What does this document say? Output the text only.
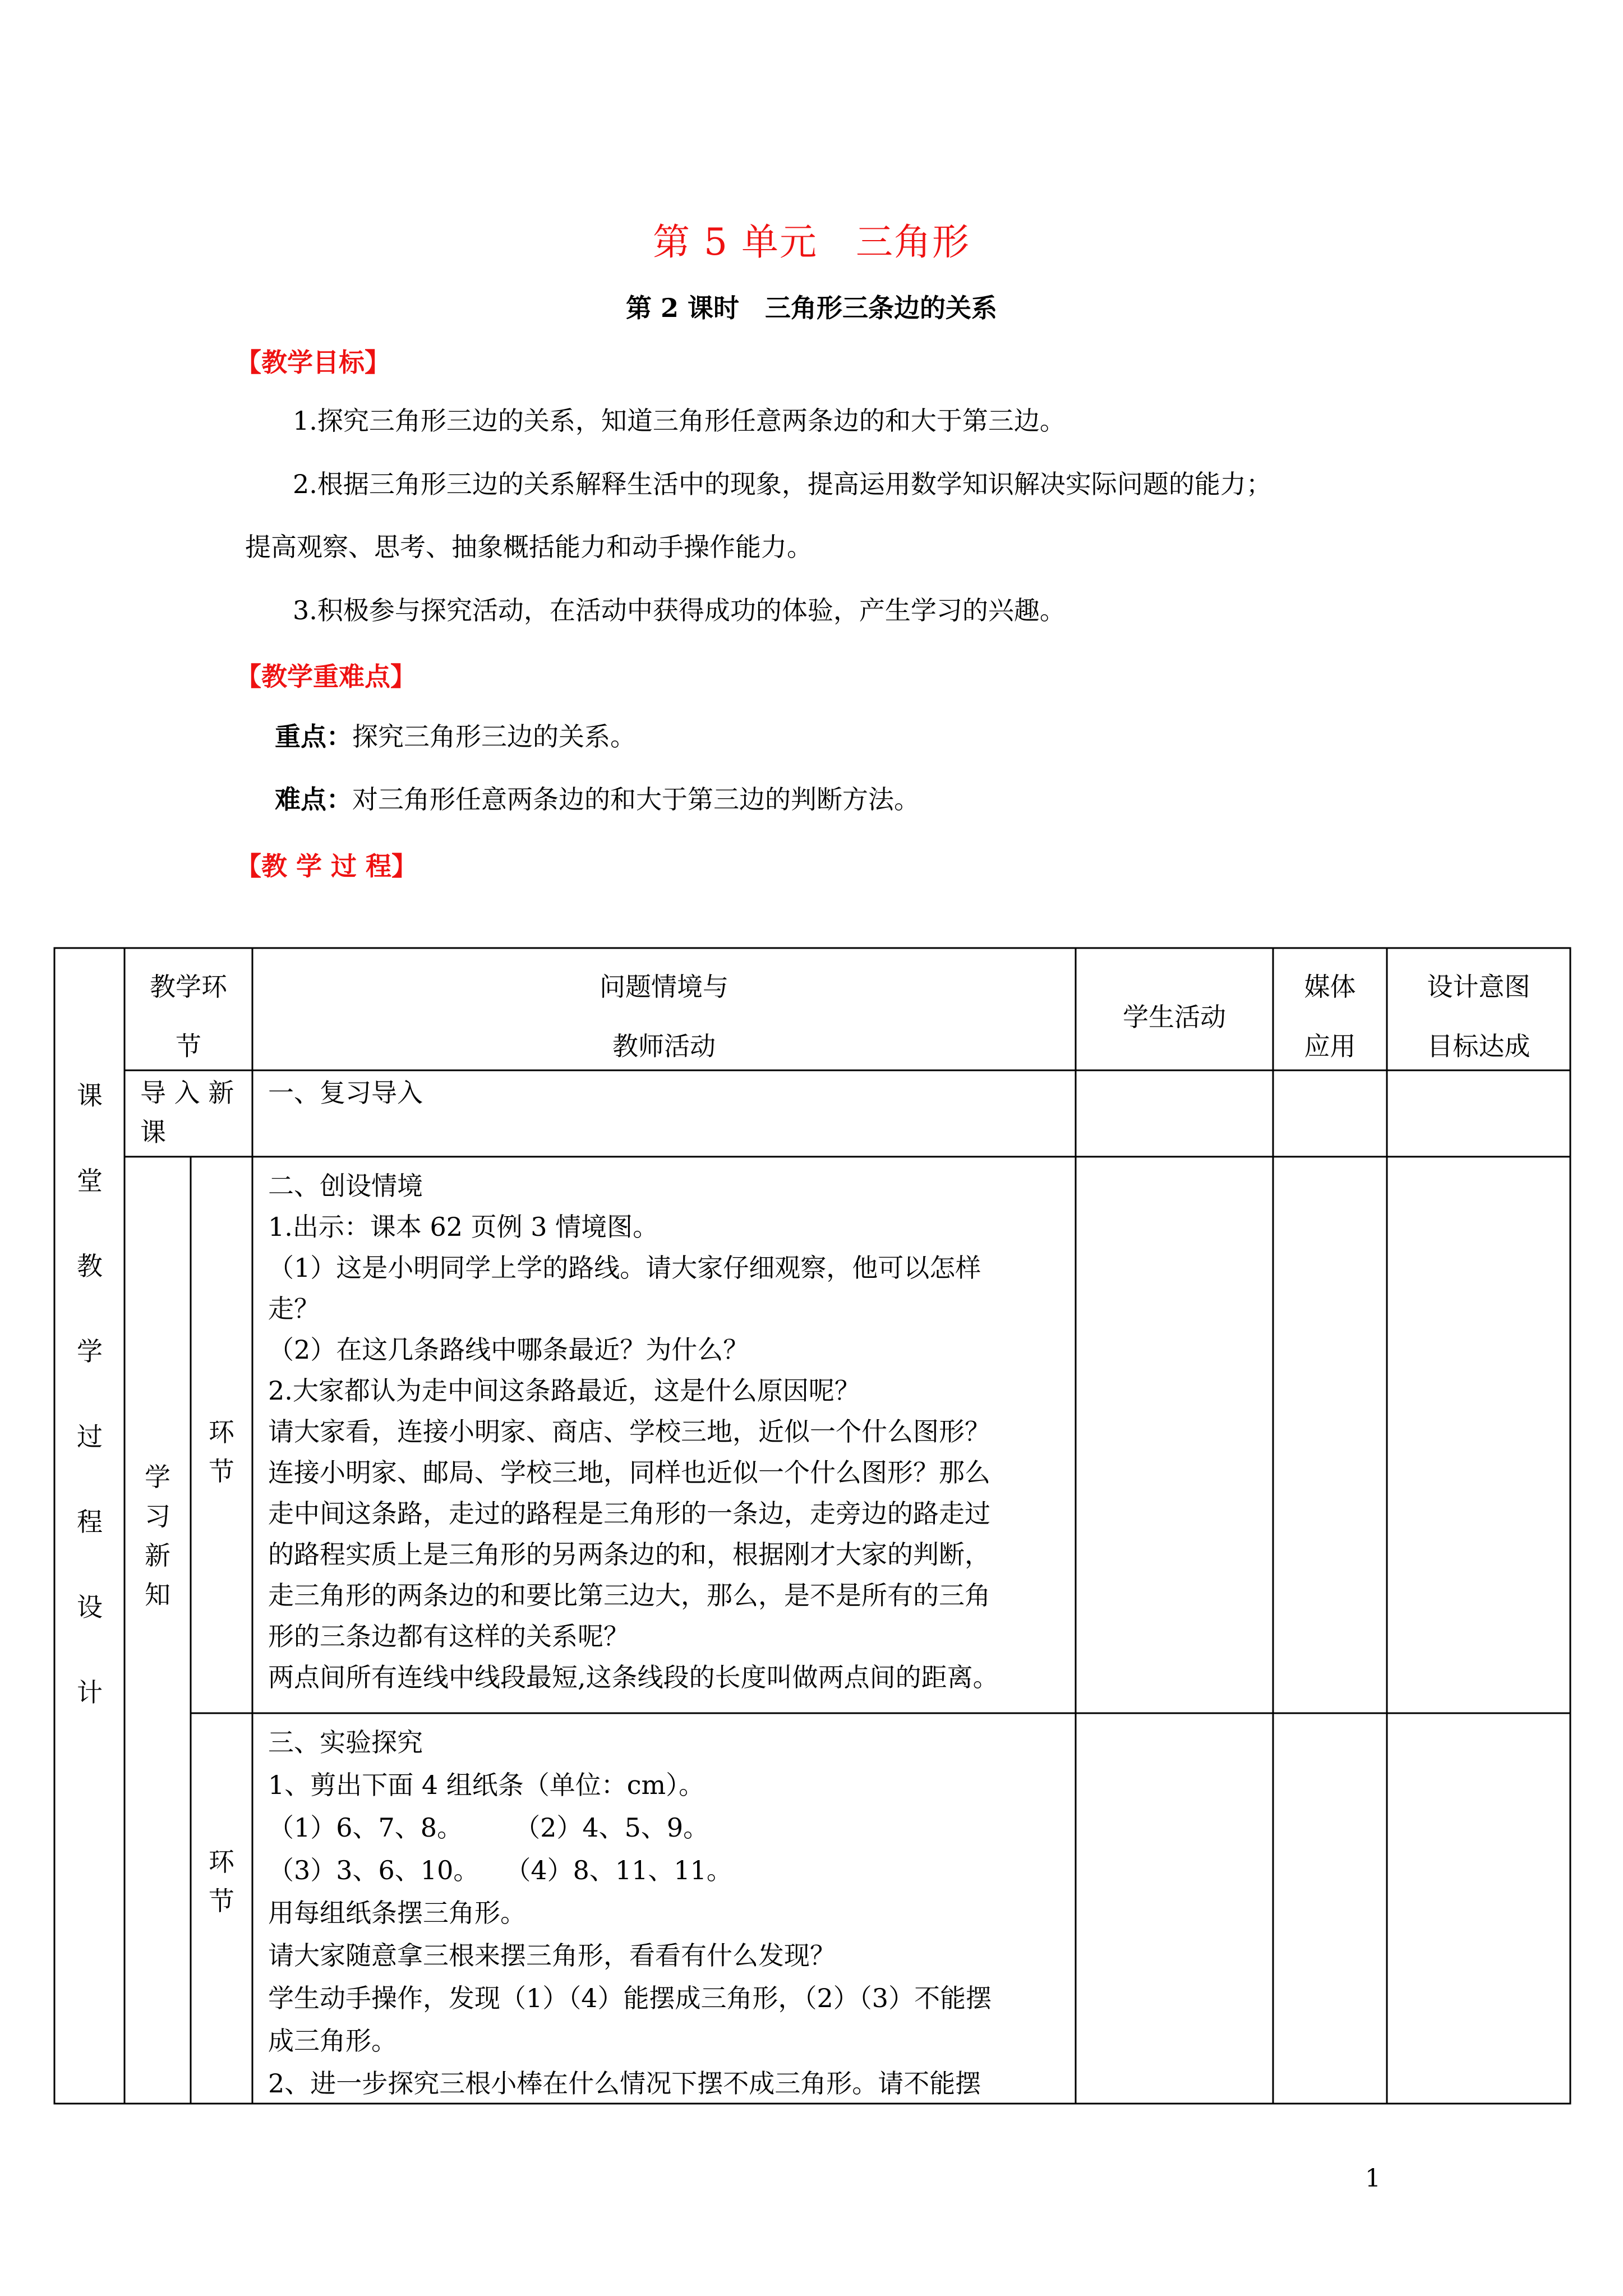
第 5 单元　三角形
第 2 课时　三角形三条边的关系
【教学目标】
1.探究三角形三边的关系，知道三角形任意两条边的和大于第三边。
2.根据三角形三边的关系解释生活中的现象，提高运用数学知识解决实际问题的能力；
提高观察、思考、抽象概括能力和动手操作能力。
3.积极参与探究活动，在活动中获得成功的体验，产生学习的兴趣。
【教学重难点】
重点：探究三角形三边的关系。
难点：对三角形任意两条边的和大于第三边的判断方法。
【教 学 过 程】
课
堂
教
学
过
程
设
计
教学环
节
问题情境与
教师活动
学生活动
媒体
应用
设计意图
目标达成
导 入 新
课
一、复习导入
学
习
新
知
环
节
二、创设情境
1.出示：课本 62 页例 3 情境图。
（1）这是小明同学上学的路线。请大家仔细观察，他可以怎样
走？
（2）在这几条路线中哪条最近？为什么？
2.大家都认为走中间这条路最近，这是什么原因呢？
请大家看，连接小明家、商店、学校三地，近似一个什么图形？
连接小明家、邮局、学校三地，同样也近似一个什么图形？那么
走中间这条路，走过的路程是三角形的一条边，走旁边的路走过
的路程实质上是三角形的另两条边的和，根据刚才大家的判断，
走三角形的两条边的和要比第三边大，那么，是不是所有的三角
形的三条边都有这样的关系呢？
两点间所有连线中线段最短,这条线段的长度叫做两点间的距离。
环
节
三、实验探究
1、剪出下面 4 组纸条（单位：cm）。
（1）6、7、8。　　　（2）4、5、9。
（3）3、6、10。　　（4）8、11、11。
用每组纸条摆三角形。
请大家随意拿三根来摆三角形，看看有什么发现？
学生动手操作，发现（1）（4）能摆成三角形，（2）（3）不能摆
成三角形。
2、进一步探究三根小棒在什么情况下摆不成三角形。请不能摆
1
